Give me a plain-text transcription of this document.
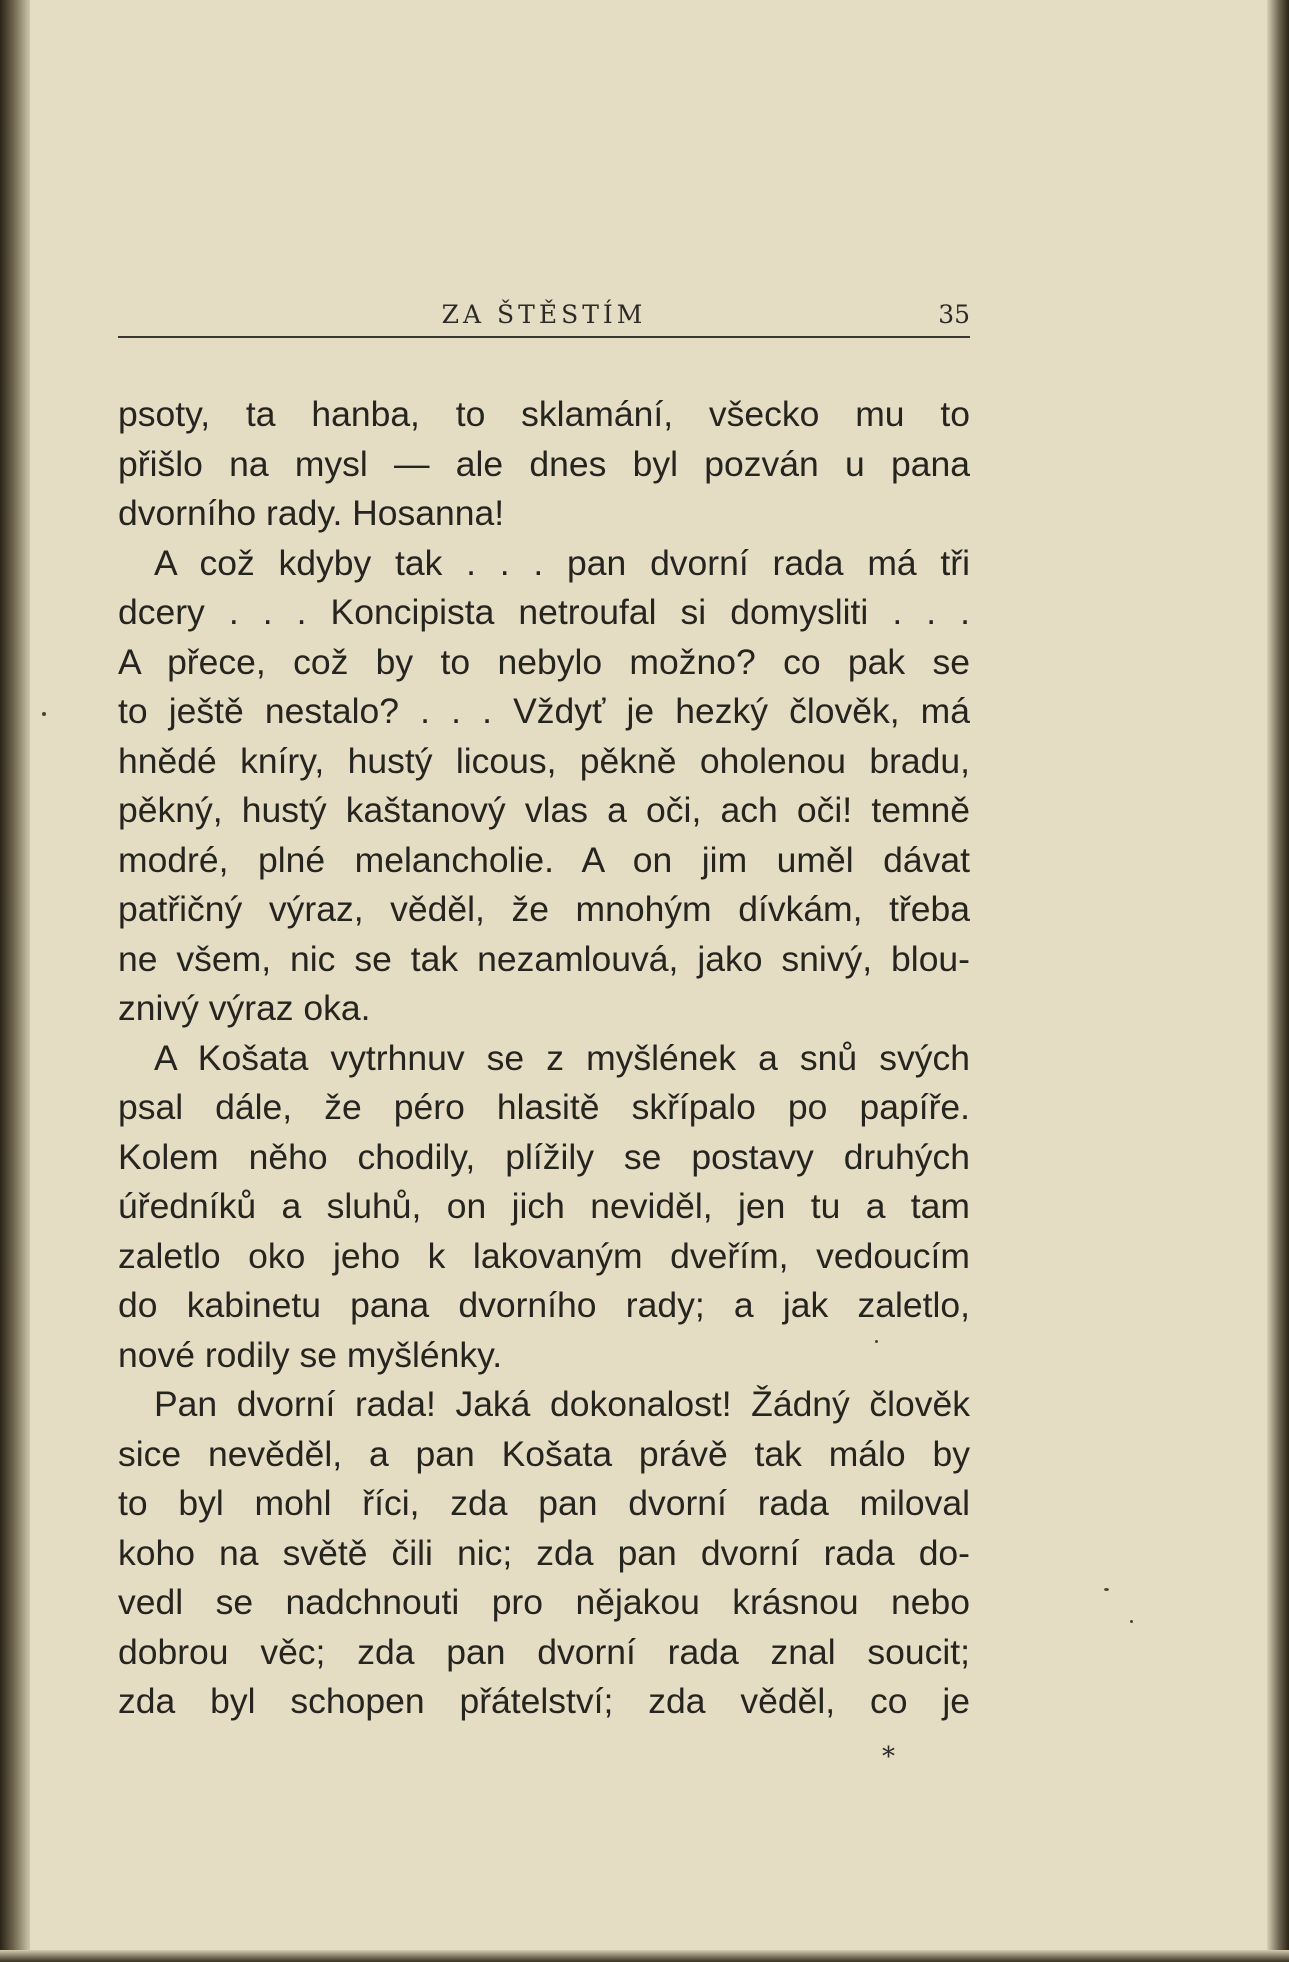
ZA ŠTĚSTÍM	35
psoty, ta hanba, to sklamání, všecko mu to
přišlo na mysl — ale dnes byl pozván u pana
dvorního rady. Hosanna!
A což kdyby tak . . . pan dvorní rada má tři
dcery . . . Koncipista netroufal si domysliti . . .
A přece, což by to nebylo možno? co pak se
to ještě nestalo? . . . Vždyť je hezký člověk, má
hnědé kníry, hustý licous, pěkně oholenou bradu,
pěkný, hustý kaštanový vlas a oči, ach oči! temně
modré, plné melancholie. A on jim uměl dávat
patřičný výraz, věděl, že mnohým dívkám, třeba
ne všem, nic se tak nezamlouvá, jako snivý, blou-
znivý výraz oka.
A Košata vytrhnuv se z myšlének a snů svých
psal dále, že péro hlasitě skřípalo po papíře.
Kolem něho chodily, plížily se postavy druhých
úředníků a sluhů, on jich neviděl, jen tu a tam
zaletlo oko jeho k lakovaným dveřím, vedoucím
do kabinetu pana dvorního rady; a jak zaletlo,
nové rodily se myšlénky.
Pan dvorní rada! Jaká dokonalost! Žádný člověk
sice nevěděl, a pan Košata právě tak málo by
to byl mohl říci, zda pan dvorní rada miloval
koho na světě čili nic; zda pan dvorní rada do-
vedl se nadchnouti pro nějakou krásnou nebo
dobrou věc; zda pan dvorní rada znal soucit;
zda byl schopen přátelství; zda věděl, co je
*
